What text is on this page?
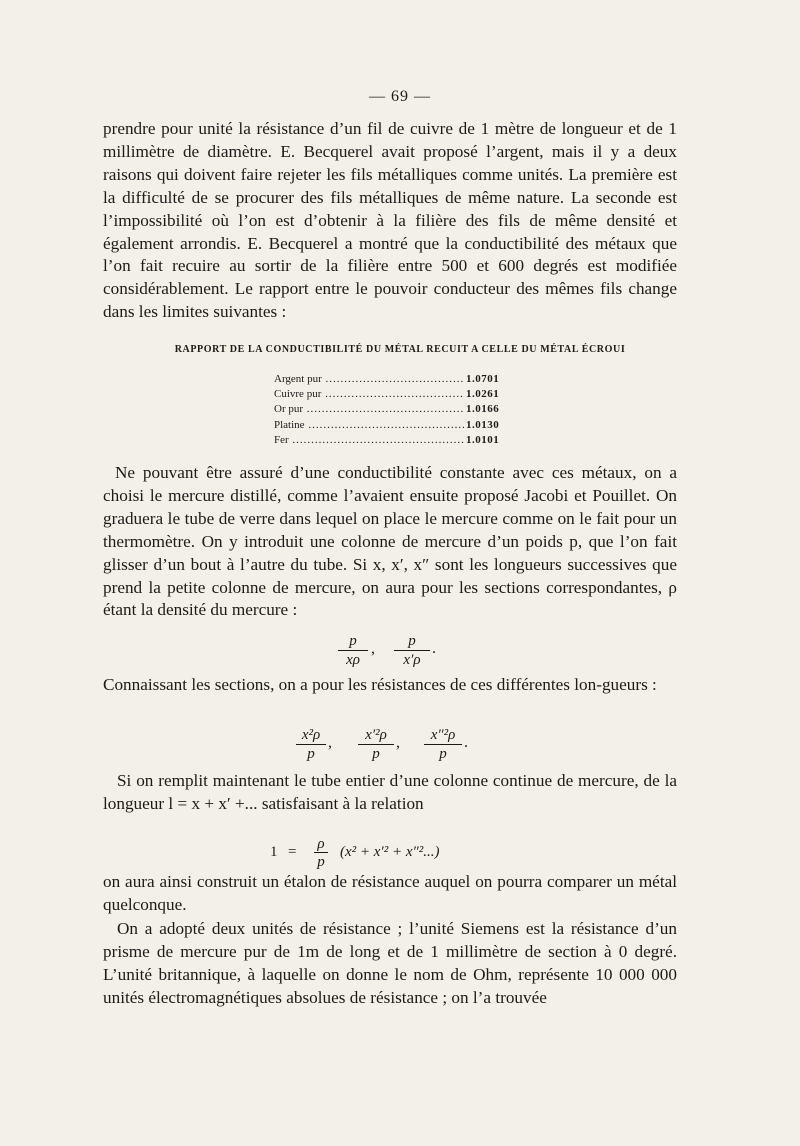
— 69 —
prendre pour unité la résistance d’un fil de cuivre de 1 mètre de longueur et de 1 millimètre de diamètre. E. Becquerel avait proposé l’argent, mais il y a deux raisons qui doivent faire rejeter les fils métalliques comme unités. La première est la difficulté de se procurer des fils métalliques de même nature. La seconde est l’impossibilité où l’on est d’obtenir à la filière des fils de même densité et également arrondis. E. Becquerel a montré que la conductibilité des métaux que l’on fait recuire au sortir de la filière entre 500 et 600 degrés est modifiée considérablement. Le rapport entre le pouvoir conducteur des mêmes fils change dans les limites suivantes :
RAPPORT DE LA CONDUCTIBILITÉ DU MÉTAL RECUIT A CELLE DU MÉTAL ÉCROUI
Argent pur .....	1.0701
Cuivre pur .....	1.0261
Or pur .....	1.0166
Platine .....	1.0130
Fer .....	1.0101
Ne pouvant être assuré d’une conductibilité constante avec ces métaux, on a choisi le mercure distillé, comme l’avaient ensuite proposé Jacobi et Pouillet. On graduera le tube de verre dans lequel on place le mercure comme on le fait pour un thermomètre. On y introduit une colonne de mercure d’un poids p, que l’on fait glisser d’un bout à l’autre du tube. Si x, x′, x″ sont les longueurs successives que prend la petite colonne de mercure, on aura pour les sections correspondantes, ρ étant la densité du mercure :
$\frac{p}{x\rho}$ , $\frac{p}{x'\rho}$ .
Connaissant les sections, on a pour les résistances de ces différentes lon-gueurs :
$\frac{\text{x²ρ}}{p}$ , $\frac{\text{x′²ρ}}{p}$ , $\frac{\text{x″²ρ}}{p}$ .
Si on remplit maintenant le tube entier d’une colonne continue de mercure, de la longueur l = x + x′ +... satisfaisant à la relation
$1 = \frac{\rho}{p} (x^2 + x'^2 + x''^2...)$
on aura ainsi construit un étalon de résistance auquel on pourra comparer un métal quelconque.
On a adopté deux unités de résistance ; l’unité Siemens est la résistance d’un prisme de mercure pur de 1m de long et de 1 millimètre de section à 0 degré. L’unité britannique, à laquelle on donne le nom de Ohm, représente 10 000 000 unités électromagnétiques absolues de résistance ; on l’a trouvée
